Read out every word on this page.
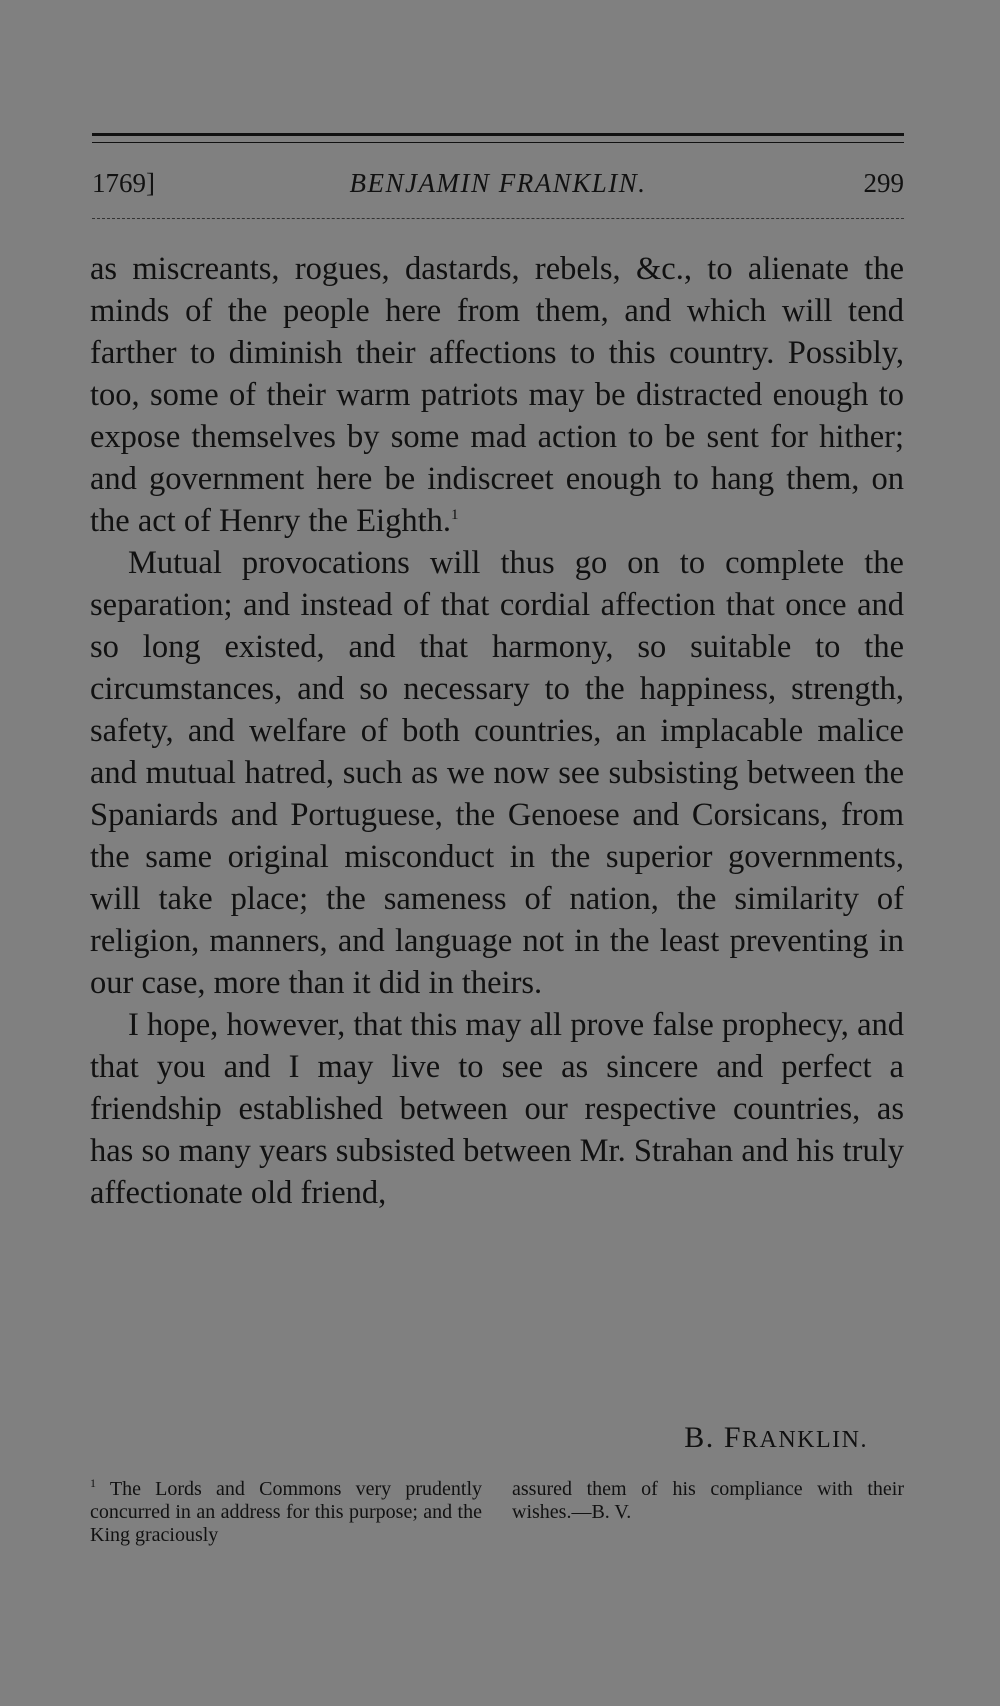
1769]	BENJAMIN FRANKLIN.	299

as miscreants, rogues, dastards, rebels, &c., to alienate the minds of the people here from them, and which will tend farther to diminish their affections to this country. Possibly, too, some of their warm patriots may be distracted enough to expose themselves by some mad action to be sent for hither; and government here be indiscreet enough to hang them, on the act of Henry the Eighth.$^1$

Mutual provocations will thus go on to complete the separation; and instead of that cordial affection that once and so long existed, and that harmony, so suitable to the circumstances, and so necessary to the happiness, strength, safety, and welfare of both countries, an implacable malice and mutual hatred, such as we now see subsisting between the Spaniards and Portuguese, the Genoese and Corsicans, from the same original misconduct in the superior governments, will take place; the sameness of nation, the similarity of religion, manners, and language not in the least preventing in our case, more than it did in theirs.

I hope, however, that this may all prove false prophecy, and that you and I may live to see as sincere and perfect a friendship established between our respective countries, as has so many years subsisted between Mr. Strahan and his truly affectionate old friend,

B. FRANKLIN.
$^1$ The Lords and Commons very prudently concurred in an address for this purpose; and the King graciously
assured them of his compliance with their wishes.—B. V.
